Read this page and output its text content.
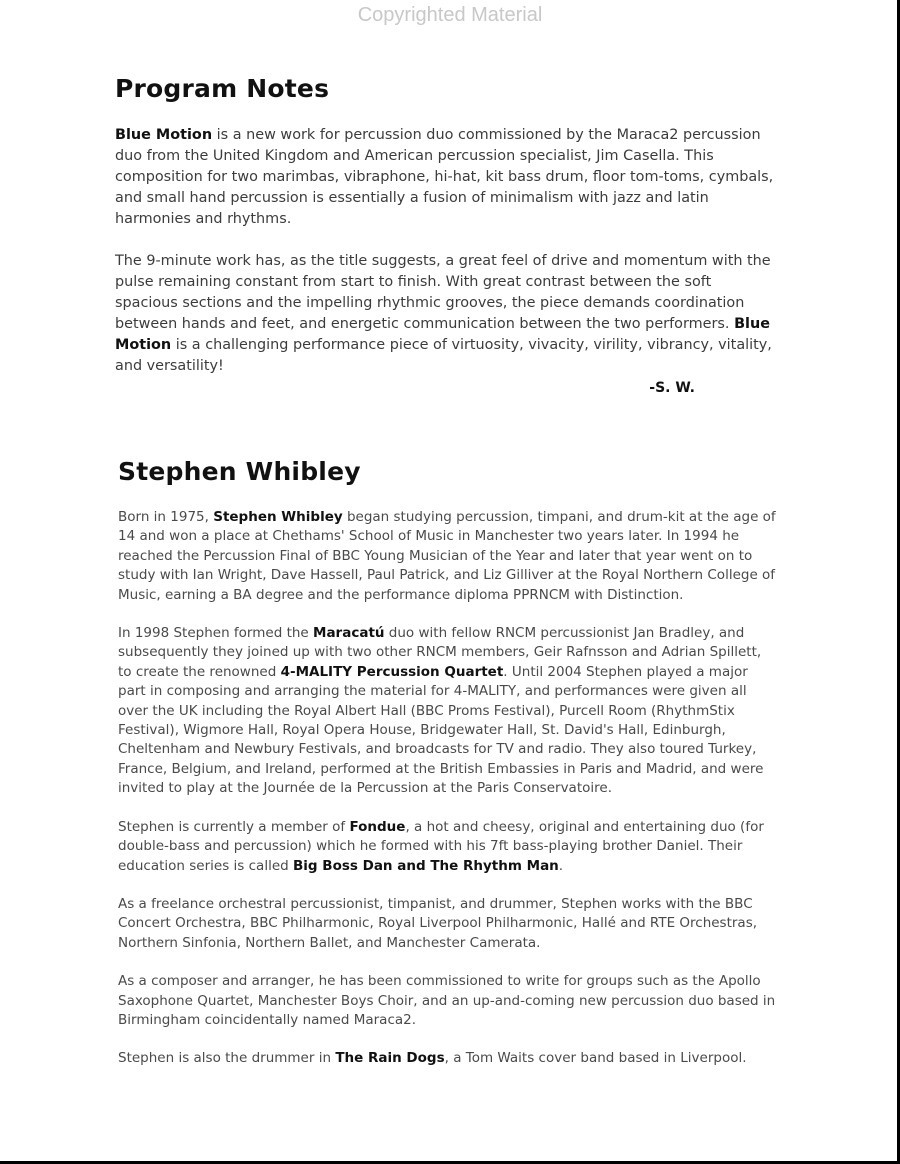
Copyrighted Material
Program Notes

Blue Motion is a new work for percussion duo commissioned by the Maraca2 percussion duo from the United Kingdom and American percussion specialist, Jim Casella. This composition for two marimbas, vibraphone, hi-hat, kit bass drum, floor tom-toms, cymbals, and small hand percussion is essentially a fusion of minimalism with jazz and latin harmonies and rhythms.

The 9-minute work has, as the title suggests, a great feel of drive and momentum with the pulse remaining constant from start to finish. With great contrast between the soft spacious sections and the impelling rhythmic grooves, the piece demands coordination between hands and feet, and energetic communication between the two performers. Blue Motion is a challenging performance piece of virtuosity, vivacity, virility, vibrancy, vitality, and versatility!

-S. W.
Stephen Whibley

Born in 1975, Stephen Whibley began studying percussion, timpani, and drum-kit at the age of 14 and won a place at Chethams' School of Music in Manchester two years later. In 1994 he reached the Percussion Final of BBC Young Musician of the Year and later that year went on to study with Ian Wright, Dave Hassell, Paul Patrick, and Liz Gilliver at the Royal Northern College of Music, earning a BA degree and the performance diploma PPRNCM with Distinction.

In 1998 Stephen formed the Maracatú duo with fellow RNCM percussionist Jan Bradley, and subsequently they joined up with two other RNCM members, Geir Rafnsson and Adrian Spillett, to create the renowned 4-MALITY Percussion Quartet. Until 2004 Stephen played a major part in composing and arranging the material for 4-MALITY, and performances were given all over the UK including the Royal Albert Hall (BBC Proms Festival), Purcell Room (RhythmStix Festival), Wigmore Hall, Royal Opera House, Bridgewater Hall, St. David's Hall, Edinburgh, Cheltenham and Newbury Festivals, and broadcasts for TV and radio. They also toured Turkey, France, Belgium, and Ireland, performed at the British Embassies in Paris and Madrid, and were invited to play at the Journée de la Percussion at the Paris Conservatoire.

Stephen is currently a member of Fondue, a hot and cheesy, original and entertaining duo (for double-bass and percussion) which he formed with his 7ft bass-playing brother Daniel. Their education series is called Big Boss Dan and The Rhythm Man.

As a freelance orchestral percussionist, timpanist, and drummer, Stephen works with the BBC Concert Orchestra, BBC Philharmonic, Royal Liverpool Philharmonic, Hallé and RTE Orchestras, Northern Sinfonia, Northern Ballet, and Manchester Camerata.

As a composer and arranger, he has been commissioned to write for groups such as the Apollo Saxophone Quartet, Manchester Boys Choir, and an up-and-coming new percussion duo based in Birmingham coincidentally named Maraca2.

Stephen is also the drummer in The Rain Dogs, a Tom Waits cover band based in Liverpool.
